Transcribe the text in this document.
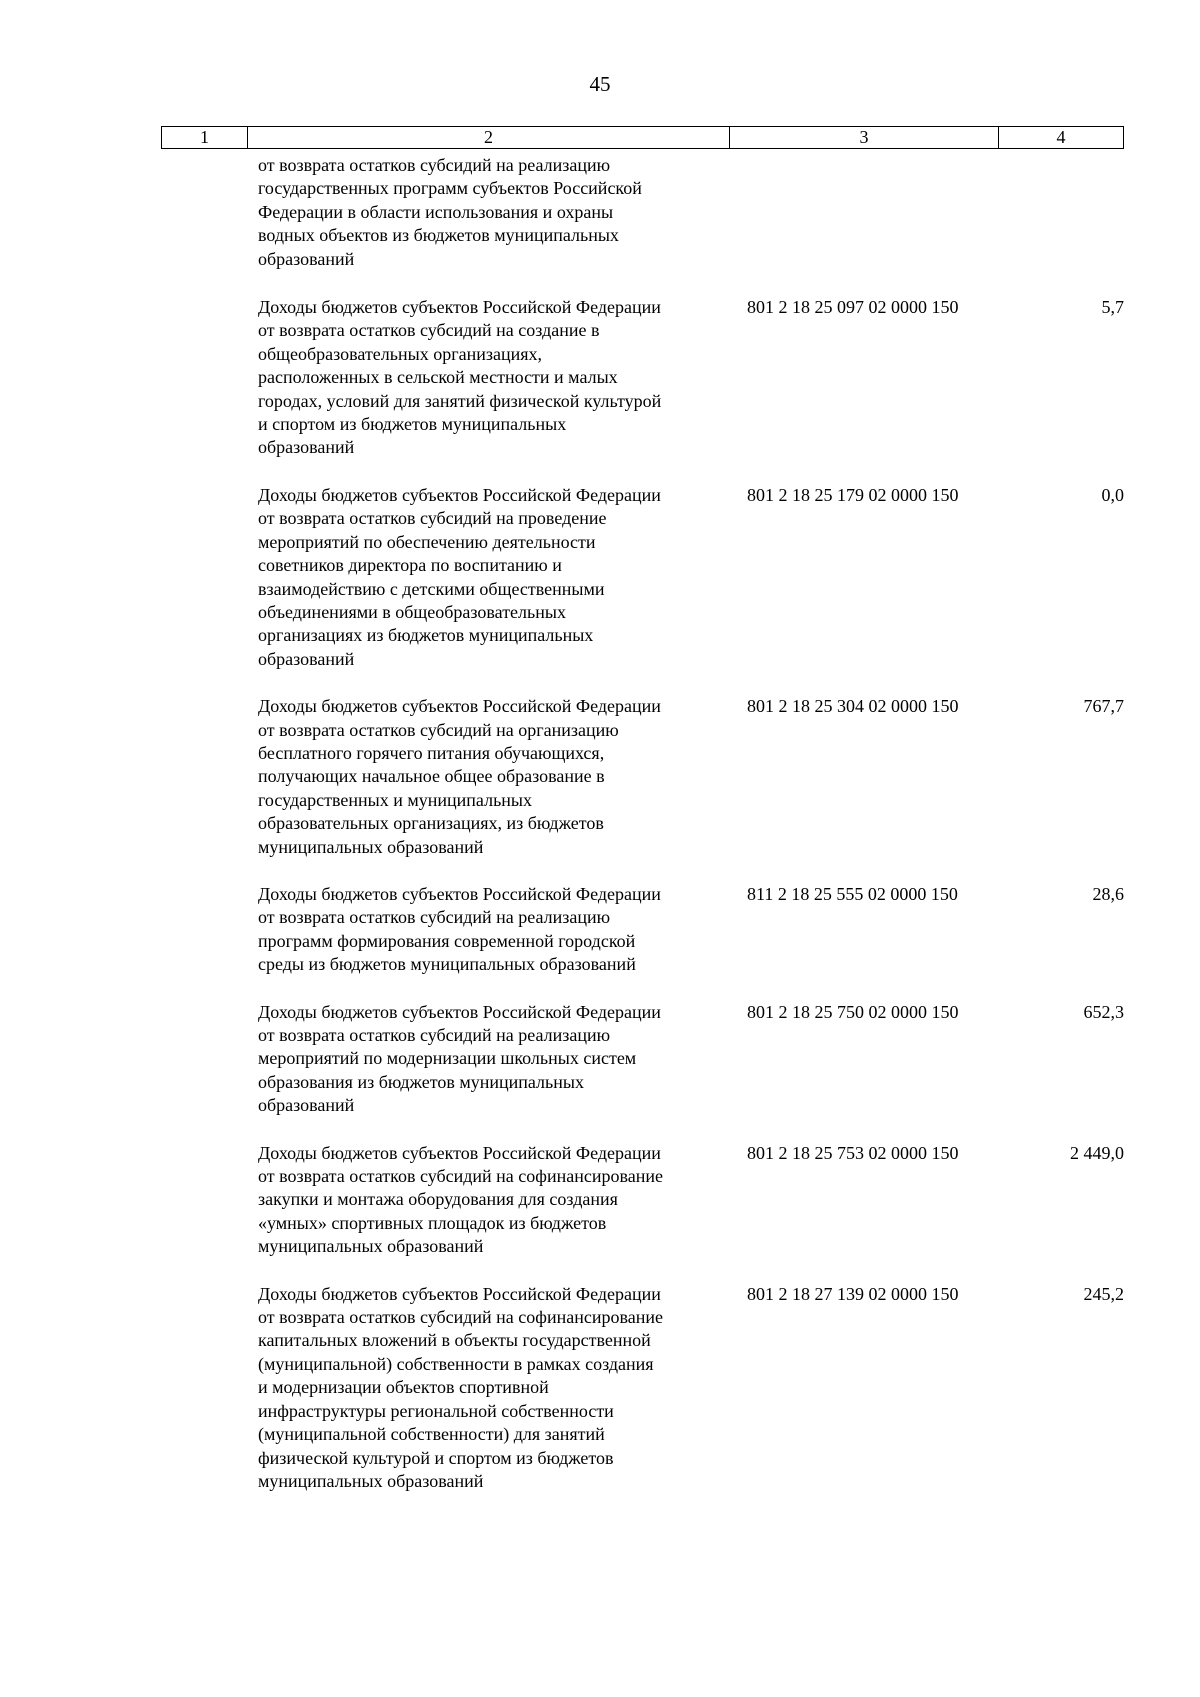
45
1	2	3	4
от возврата остатков субсидий на реализацию
государственных программ субъектов Российской
Федерации в области использования и охраны
водных объектов из бюджетов муниципальных
образований
Доходы бюджетов субъектов Российской Федерации
от возврата остатков субсидий на создание в
общеобразовательных организациях,
расположенных в сельской местности и малых
городах, условий для занятий физической культурой
и спортом из бюджетов муниципальных
образований
801 2 18 25 097 02 0000 150	5,7
Доходы бюджетов субъектов Российской Федерации
от возврата остатков субсидий на проведение
мероприятий по обеспечению деятельности
советников директора по воспитанию и
взаимодействию с детскими общественными
объединениями в общеобразовательных
организациях из бюджетов муниципальных
образований
801 2 18 25 179 02 0000 150	0,0
Доходы бюджетов субъектов Российской Федерации
от возврата остатков субсидий на организацию
бесплатного горячего питания обучающихся,
получающих начальное общее образование в
государственных и муниципальных
образовательных организациях, из бюджетов
муниципальных образований
801 2 18 25 304 02 0000 150	767,7
Доходы бюджетов субъектов Российской Федерации
от возврата остатков субсидий на реализацию
программ формирования современной городской
среды из бюджетов муниципальных образований
811 2 18 25 555 02 0000 150	28,6
Доходы бюджетов субъектов Российской Федерации
от возврата остатков субсидий на реализацию
мероприятий по модернизации школьных систем
образования из бюджетов муниципальных
образований
801 2 18 25 750 02 0000 150	652,3
Доходы бюджетов субъектов Российской Федерации
от возврата остатков субсидий на софинансирование
закупки и монтажа оборудования для создания
«умных» спортивных площадок из бюджетов
муниципальных образований
801 2 18 25 753 02 0000 150	2 449,0
Доходы бюджетов субъектов Российской Федерации
от возврата остатков субсидий на софинансирование
капитальных вложений в объекты государственной
(муниципальной) собственности в рамках создания
и модернизации объектов спортивной
инфраструктуры региональной собственности
(муниципальной собственности) для занятий
физической культурой и спортом из бюджетов
муниципальных образований
801 2 18 27 139 02 0000 150	245,2
